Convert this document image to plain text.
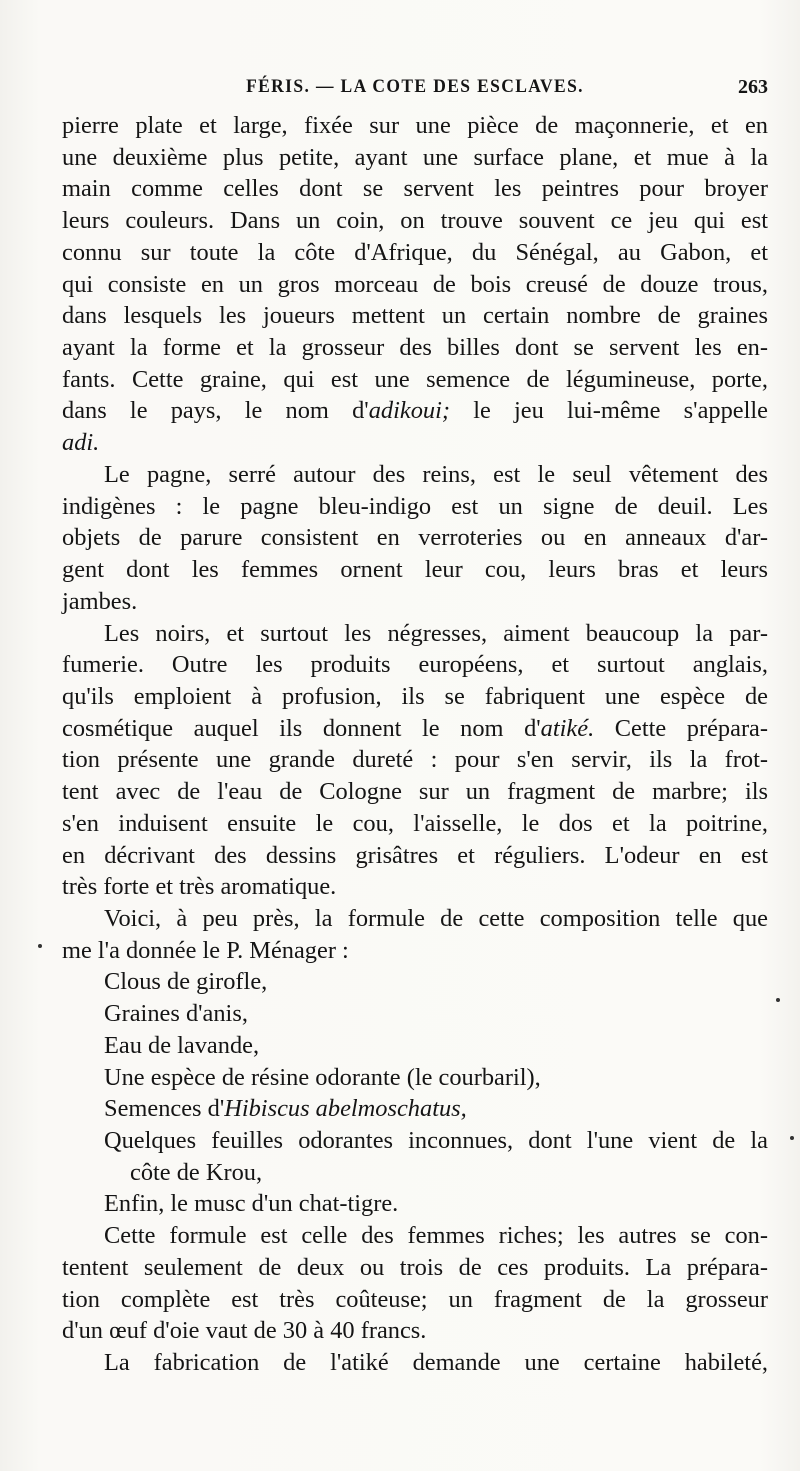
FÉRIS. — LA COTE DES ESCLAVES.	263
pierre plate et large, fixée sur une pièce de maçonnerie, et en
une deuxième plus petite, ayant une surface plane, et mue à la
main comme celles dont se servent les peintres pour broyer
leurs couleurs. Dans un coin, on trouve souvent ce jeu qui est
connu sur toute la côte d'Afrique, du Sénégal, au Gabon, et
qui consiste en un gros morceau de bois creusé de douze trous,
dans lesquels les joueurs mettent un certain nombre de graines
ayant la forme et la grosseur des billes dont se servent les en-
fants. Cette graine, qui est une semence de légumineuse, porte,
dans le pays, le nom d'adikoui; le jeu lui-même s'appelle
adi.
Le pagne, serré autour des reins, est le seul vêtement des
indigènes : le pagne bleu-indigo est un signe de deuil. Les
objets de parure consistent en verroteries ou en anneaux d'ar-
gent dont les femmes ornent leur cou, leurs bras et leurs
jambes.
Les noirs, et surtout les négresses, aiment beaucoup la par-
fumerie. Outre les produits européens, et surtout anglais,
qu'ils emploient à profusion, ils se fabriquent une espèce de
cosmétique auquel ils donnent le nom d'atiké. Cette prépara-
tion présente une grande dureté : pour s'en servir, ils la frot-
tent avec de l'eau de Cologne sur un fragment de marbre; ils
s'en induisent ensuite le cou, l'aisselle, le dos et la poitrine,
en décrivant des dessins grisâtres et réguliers. L'odeur en est
très forte et très aromatique.
Voici, à peu près, la formule de cette composition telle que
me l'a donnée le P. Ménager :
Clous de girofle,
Graines d'anis,
Eau de lavande,
Une espèce de résine odorante (le courbaril),
Semences d'Hibiscus abelmoschatus,
Quelques feuilles odorantes inconnues, dont l'une vient de la
côte de Krou,
Enfin, le musc d'un chat-tigre.
Cette formule est celle des femmes riches; les autres se con-
tentent seulement de deux ou trois de ces produits. La prépara-
tion complète est très coûteuse; un fragment de la grosseur
d'un œuf d'oie vaut de 30 à 40 francs.
La fabrication de l'atiké demande une certaine habileté,
